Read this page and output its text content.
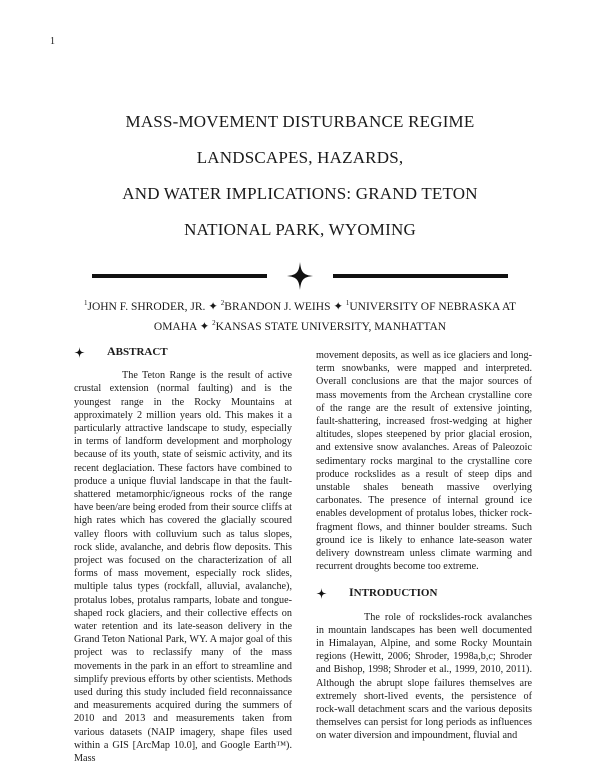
1
MASS-MOVEMENT DISTURBANCE REGIME
LANDSCAPES, HAZARDS,
AND WATER IMPLICATIONS: GRAND TETON
NATIONAL PARK, WYOMING
$^1$JOHN F. SHRODER, JR. ✦ $^2$BRANDON J. WEIHS ✦ $^1$UNIVERSITY OF NEBRASKA AT
OMAHA ✦ $^2$KANSAS STATE UNIVERSITY, MANHATTAN
ABSTRACT

The Teton Range is the result of active crustal extension (normal faulting) and is the youngest range in the Rocky Mountains at approximately 2 million years old. This makes it a particularly attractive landscape to study, especially in terms of landform development and morphology because of its youth, state of seismic activity, and its recent deglaciation. These factors have combined to produce a unique fluvial landscape in that the fault-shattered metamorphic/igneous rocks of the range have been/are being eroded from their source cliffs at high rates which has covered the glacially scoured valley floors with colluvium such as talus slopes, rock slide, avalanche, and debris flow deposits. This project was focused on the characterization of all forms of mass movement, especially rock slides, multiple talus types (rockfall, alluvial, avalanche), protalus lobes, protalus ramparts, lobate and tongue-shaped rock glaciers, and their collective effects on water retention and its late-season delivery in the Grand Teton National Park, WY. A major goal of this project was to reclassify many of the mass movements in the park in an effort to streamline and simplify previous efforts by other scientists. Methods used during this study included field reconnaissance and measurements acquired during the summers of 2010 and 2013 and measurements taken from various datasets (NAIP imagery, shape files used within a GIS [ArcMap 10.0], and Google Earth™). Mass

movement deposits, as well as ice glaciers and long-term snowbanks, were mapped and interpreted. Overall conclusions are that the major sources of mass movements from the Archean crystalline core of the range are the result of extensive jointing, fault-shattering, increased frost-wedging at higher altitudes, slopes steepened by prior glacial erosion, and extensive snow avalanches. Areas of Paleozoic sedimentary rocks marginal to the crystalline core produce rockslides as a result of steep dips and unstable shales beneath massive overlying carbonates. The presence of internal ground ice enables development of protalus lobes, thicker rock-fragment flows, and thinner boulder streams. Such ground ice is likely to enhance late-season water delivery downstream unless climate warming and recurrent droughts become too extreme.

INTRODUCTION

The role of rockslides-rock avalanches in mountain landscapes has been well documented in Himalayan, Alpine, and some Rocky Mountain regions (Hewitt, 2006; Shroder, 1998a,b,c; Shroder and Bishop, 1998; Shroder et al., 1999, 2010, 2011). Although the abrupt slope failures themselves are extremely short-lived events, the persistence of rock-wall detachment scars and the various deposits themselves can persist for long periods as influences on water diversion and impoundment, fluvial and
